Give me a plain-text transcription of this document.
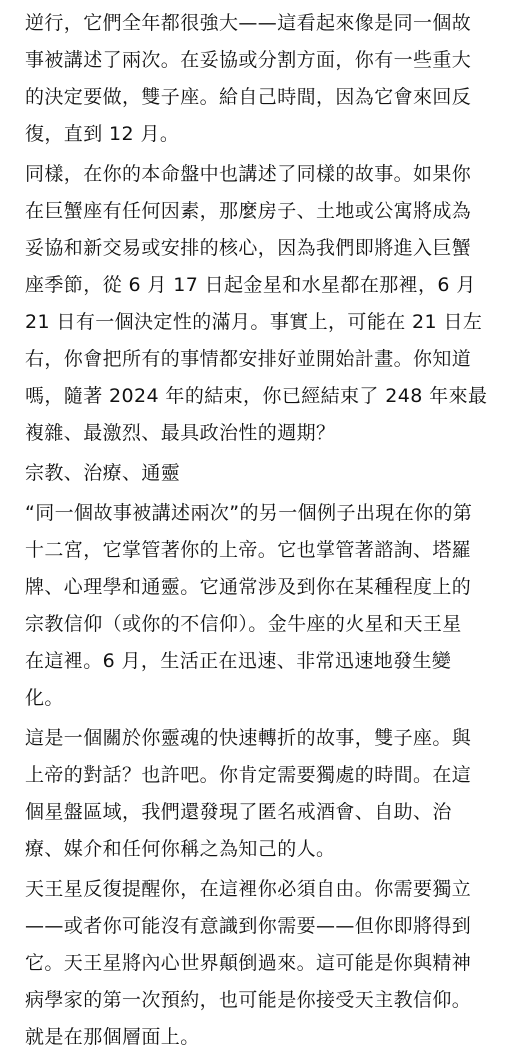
逆行，它們全年都很強大——這看起來像是同一個故
事被講述了兩次。在妥協或分割方面，你有一些重大
的決定要做，雙子座。給自己時間，因為它會來回反
復，直到 12 月。

同樣，在你的本命盤中也講述了同樣的故事。如果你
在巨蟹座有任何因素，那麼房子、土地或公寓將成為
妥協和新交易或安排的核心，因為我們即將進入巨蟹
座季節，從 6 月 17 日起金星和水星都在那裡，6 月
21 日有一個決定性的滿月。事實上，可能在 21 日左
右，你會把所有的事情都安排好並開始計畫。你知道
嗎，隨著 2024 年的結束，你已經結束了 248 年來最
複雜、最激烈、最具政治性的週期？

宗教、治療、通靈

“同一個故事被講述兩次”的另一個例子出現在你的第
十二宮，它掌管著你的上帝。它也掌管著諮詢、塔羅
牌、心理學和通靈。它通常涉及到你在某種程度上的
宗教信仰（或你的不信仰）。金牛座的火星和天王星
在這裡。6 月，生活正在迅速、非常迅速地發生變
化。

這是一個關於你靈魂的快速轉折的故事，雙子座。與
上帝的對話？也許吧。你肯定需要獨處的時間。在這
個星盤區域，我們還發現了匿名戒酒會、自助、治
療、媒介和任何你稱之為知己的人。

天王星反復提醒你，在這裡你必須自由。你需要獨立
——或者你可能沒有意識到你需要——但你即將得到
它。天王星將內心世界顛倒過來。這可能是你與精神
病學家的第一次預約，也可能是你接受天主教信仰。
就是在那個層面上。
